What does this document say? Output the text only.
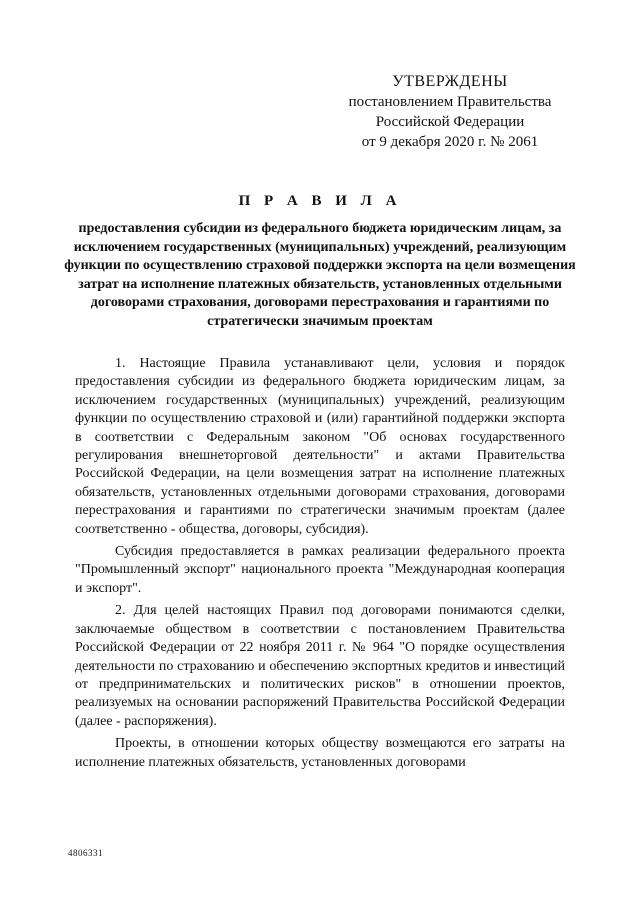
УТВЕРЖДЕНЫ
постановлением Правительства
Российской Федерации
от 9 декабря 2020 г. № 2061
П Р А В И Л А
предоставления субсидии из федерального бюджета юридическим лицам, за исключением государственных (муниципальных) учреждений, реализующим функции по осуществлению страховой поддержки экспорта на цели возмещения затрат на исполнение платежных обязательств, установленных отдельными договорами страхования, договорами перестрахования и гарантиями по стратегически значимым проектам

1. Настоящие Правила устанавливают цели, условия и порядок предоставления субсидии из федерального бюджета юридическим лицам, за исключением государственных (муниципальных) учреждений, реализующим функции по осуществлению страховой и (или) гарантийной поддержки экспорта в соответствии с Федеральным законом "Об основах государственного регулирования внешнеторговой деятельности" и актами Правительства Российской Федерации, на цели возмещения затрат на исполнение платежных обязательств, установленных отдельными договорами страхования, договорами перестрахования и гарантиями по стратегически значимым проектам (далее соответственно - общества, договоры, субсидия).

Субсидия предоставляется в рамках реализации федерального проекта "Промышленный экспорт" национального проекта "Международная кооперация и экспорт".

2. Для целей настоящих Правил под договорами понимаются сделки, заключаемые обществом в соответствии с постановлением Правительства Российской Федерации от 22 ноября 2011 г. № 964 "О порядке осуществления деятельности по страхованию и обеспечению экспортных кредитов и инвестиций от предпринимательских и политических рисков" в отношении проектов, реализуемых на основании распоряжений Правительства Российской Федерации (далее - распоряжения).

Проекты, в отношении которых обществу возмещаются его затраты на исполнение платежных обязательств, установленных договорами

4806331
